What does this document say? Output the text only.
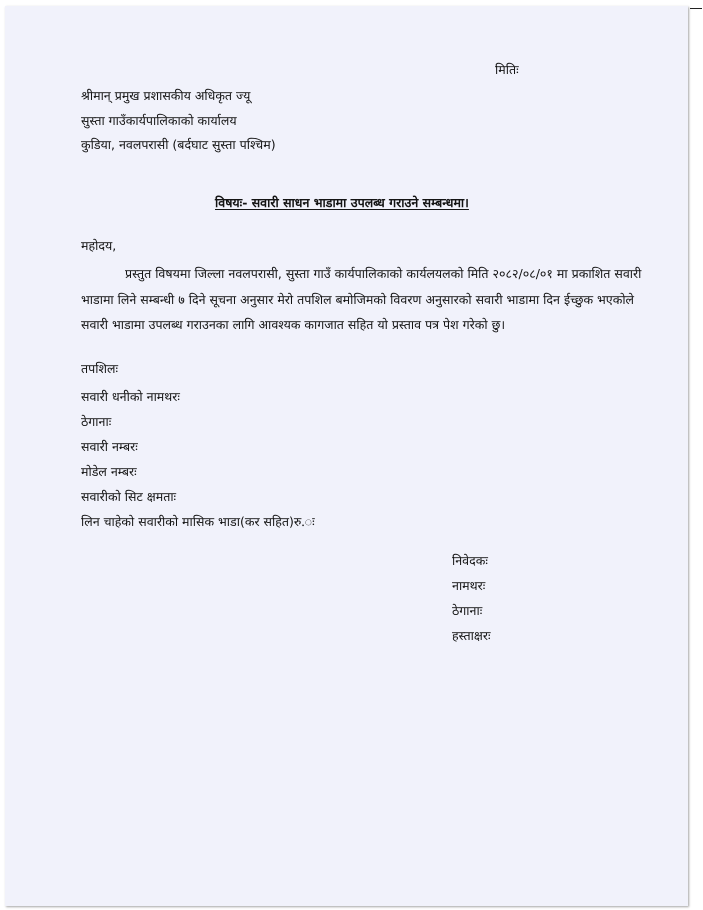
मितिः
श्रीमान् प्रमुख प्रशासकीय अधिकृत ज्यू
सुस्ता गाउँकार्यपालिकाको कार्यालय
कुडिया, नवलपरासी (बर्दघाट सुस्ता पश्चिम)
विषयः- सवारी साधन भाडामा उपलब्ध गराउने सम्बन्धमा।
महोदय,
प्रस्तुत विषयमा जिल्ला नवलपरासी, सुस्ता गाउँ कार्यपालिकाको कार्यलयलको मिति २०८२/०८/०१ मा प्रकाशित सवारी भाडामा लिने सम्बन्धी ७ दिने सूचना अनुसार मेरो तपशिल बमोजिमको विवरण अनुसारको सवारी भाडामा दिन ईच्छुक भएकोले सवारी भाडामा उपलब्ध गराउनका लागि आवश्यक कागजात सहित यो प्रस्ताव पत्र पेश गरेको छु।
तपशिलः
सवारी धनीको नामथरः
ठेगानाः
सवारी नम्बरः
मोडेल नम्बरः
सवारीको सिट क्षमताः
लिन चाहेको सवारीको मासिक भाडा(कर सहित)रु.ः
निवेदकः
नामथरः
ठेगानाः
हस्ताक्षरः
